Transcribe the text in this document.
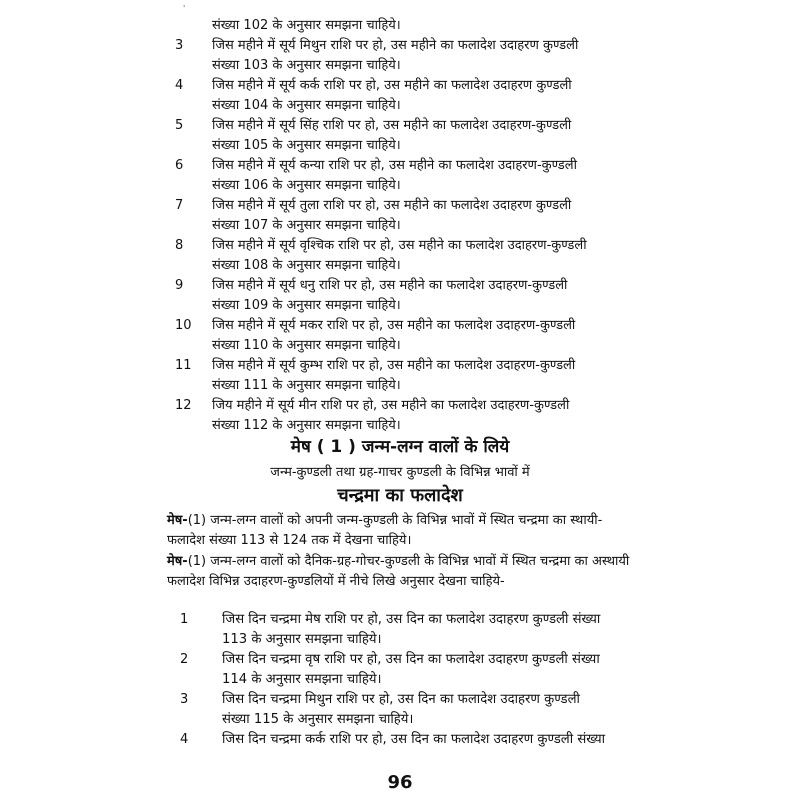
'
संख्या 102 के अनुसार समझना चाहिये।
3	जिस महीने में सूर्य मिथुन राशि पर हो, उस महीने का फलादेश उदाहरण कुण्डली
संख्या 103 के अनुसार समझना चाहिये।
4	जिस महीने में सूर्य कर्क राशि पर हो, उस महीने का फलादेश उदाहरण कुण्डली
संख्या 104 के अनुसार समझना चाहिये।
5	जिस महीने में सूर्य सिंह राशि पर हो, उस महीने का फलादेश उदाहरण-कुण्डली
संख्या 105 के अनुसार समझना चाहिये।
6	जिस महीने में सूर्य कन्या राशि पर हो, उस महीने का फलादेश उदाहरण-कुण्डली
संख्या 106 के अनुसार समझना चाहिये।
7	जिस महीने में सूर्य तुला राशि पर हो, उस महीने का फलादेश उदाहरण कुण्डली
संख्या 107 के अनुसार समझना चाहिये।
8	जिस महीने में सूर्य वृश्चिक राशि पर हो, उस महीने का फलादेश उदाहरण-कुण्डली
संख्या 108 के अनुसार समझना चाहिये।
9	जिस महीने में सूर्य धनु राशि पर हो, उस महीने का फलादेश उदाहरण-कुण्डली
संख्या 109 के अनुसार समझना चाहिये।
10	जिस महीने में सूर्य मकर राशि पर हो, उस महीने का फलादेश उदाहरण-कुण्डली
संख्या 110 के अनुसार समझना चाहिये।
11	जिस महीने में सूर्य कुम्भ राशि पर हो, उस महीने का फलादेश उदाहरण-कुण्डली
संख्या 111 के अनुसार समझना चाहिये।
12	जिय महीने में सूर्य मीन राशि पर हो, उस महीने का फलादेश उदाहरण-कुण्डली
संख्या 112 के अनुसार समझना चाहिये।
मेष ( 1 ) जन्म-लग्न वालों के लिये
जन्म-कुण्डली तथा ग्रह-गाचर कुण्डली के विभिन्न भावों में
चन्द्रमा का फलादेश
मेष-(1) जन्म-लग्न वालों को अपनी जन्म-कुण्डली के विभिन्न भावों में स्थित चन्द्रमा का स्थायी-फलादेश संख्या 113 से 124 तक में देखना चाहिये।
मेष-(1) जन्म-लग्न वालों को दैनिक-ग्रह-गोचर-कुण्डली के विभिन्न भावों में स्थित चन्द्रमा का अस्थायी फलादेश विभिन्न उदाहरण-कुण्डलियों में नीचे लिखे अनुसार देखना चाहिये-
1	जिस दिन चन्द्रमा मेष राशि पर हो, उस दिन का फलादेश उदाहरण कुण्डली संख्या
113 के अनुसार समझना चाहिये।
2	जिस दिन चन्द्रमा वृष राशि पर हो, उस दिन का फलादेश उदाहरण कुण्डली संख्या
114 के अनुसार समझना चाहिये।
3	जिस दिन चन्द्रमा मिथुन राशि पर हो, उस दिन का फलादेश उदाहरण कुण्डली
संख्या 115 के अनुसार समझना चाहिये।
4	जिस दिन चन्द्रमा कर्क राशि पर हो, उस दिन का फलादेश उदाहरण कुण्डली संख्या
96
